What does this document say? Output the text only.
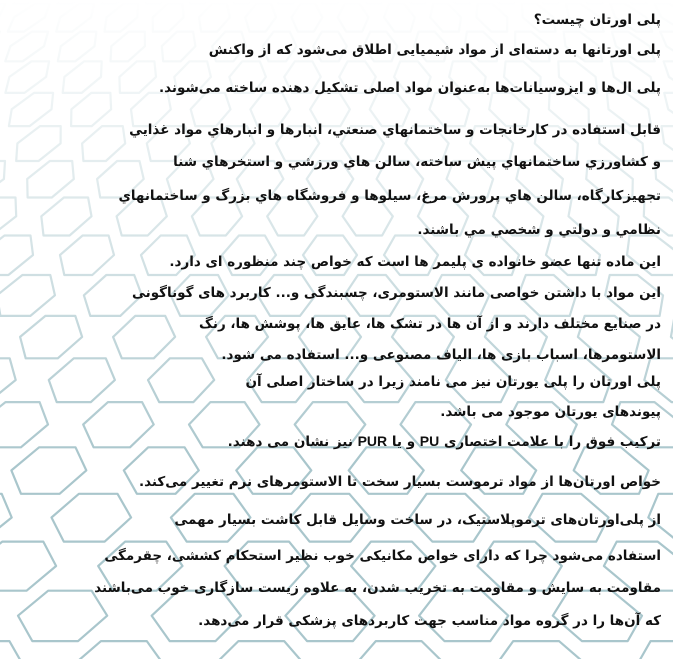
پلی اورتان چیست؟
پلی اورتانها به دسته‌ای از مواد شیمیایی اطلاق می‌شود که از واکنش
پلی ال‌ها و ایزوسیانات‌ها به‌عنوان مواد اصلی تشکیل دهنده ساخته می‌شوند.
قابل استفاده در كارخانجات و ساختمانهاي صنعتي، انبارها و انبارهاي مواد غذايي
و كشاورزي ساختمانهاي پيش ساخته، سالن هاي ورزشي و استخرهاي شنا
تجهيزكارگاه، سالن هاي پرورش مرغ، سيلوها و فروشگاه هاي بزرگ و ساختمانهاي
نظامي و دولتي و شخصي مي باشند.
این ماده تنها عضو خانواده ی پلیمر ها است که خواص چند منظوره ای دارد.
این مواد با داشتن خواصی مانند الاستومری، چسبندگی و... کاربرد های گوناگونی
در صنایع مختلف دارند و از آن ها در تشک ها، عایق ها، پوشش ها، رنگ
الاستومرها، اسباب بازی ها، الیاف مصنوعی و... استفاده می شود.
پلی اورتان را پلی یورتان نیز می نامند زیرا در ساختار اصلی آن
پیوندهای یورتان موجود می باشد.
ترکیب فوق را با علامت اختصاری PU و یا PUR نیز نشان می دهند.
خواص اورتان‌ها از مواد ترموست بسیار سخت تا الاستومرهای نرم تغییر می‌کند.
از پلی‌اورتان‌های ترموپلاستیک، در ساخت وسایل قابل کاشت بسیار مهمی
استفاده می‌شود چرا که دارای خواص مکانیکی خوب نظیر استحکام کششی، چقرمگی
مقاومت به سایش و مقاومت به تخریب شدن، به علاوه زیست سازگاری خوب می‌باشند
که آن‌ها را در گروه مواد مناسب جهت کاربردهای پزشکی قرار می‌دهد.
